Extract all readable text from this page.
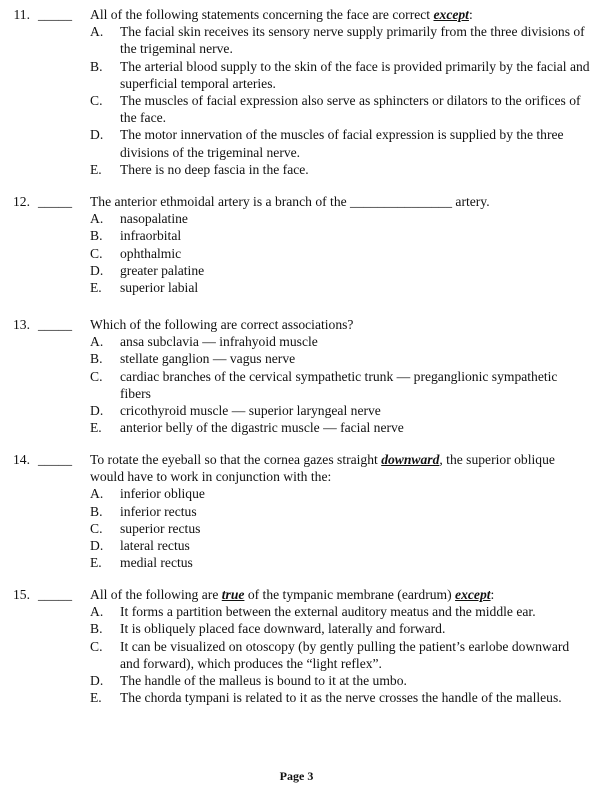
11. _____ All of the following statements concerning the face are correct except:
A. The facial skin receives its sensory nerve supply primarily from the three divisions of the trigeminal nerve.
B. The arterial blood supply to the skin of the face is provided primarily by the facial and superficial temporal arteries.
C. The muscles of facial expression also serve as sphincters or dilators to the orifices of the face.
D. The motor innervation of the muscles of facial expression is supplied by the three divisions of the trigeminal nerve.
E. There is no deep fascia in the face.
12. _____ The anterior ethmoidal artery is a branch of the _______________ artery.
A. nasopalatine
B. infraorbital
C. ophthalmic
D. greater palatine
E. superior labial
13. _____ Which of the following are correct associations?
A. ansa subclavia — infrahyoid muscle
B. stellate ganglion — vagus nerve
C. cardiac branches of the cervical sympathetic trunk — preganglionic sympathetic fibers
D. cricothyroid muscle — superior laryngeal nerve
E. anterior belly of the digastric muscle — facial nerve
14. _____ To rotate the eyeball so that the cornea gazes straight downward, the superior oblique would have to work in conjunction with the:
A. inferior oblique
B. inferior rectus
C. superior rectus
D. lateral rectus
E. medial rectus
15. _____ All of the following are true of the tympanic membrane (eardrum) except:
A. It forms a partition between the external auditory meatus and the middle ear.
B. It is obliquely placed face downward, laterally and forward.
C. It can be visualized on otoscopy (by gently pulling the patient’s earlobe downward and forward), which produces the “light reflex”.
D. The handle of the malleus is bound to it at the umbo.
E. The chorda tympani is related to it as the nerve crosses the handle of the malleus.
Page 3
